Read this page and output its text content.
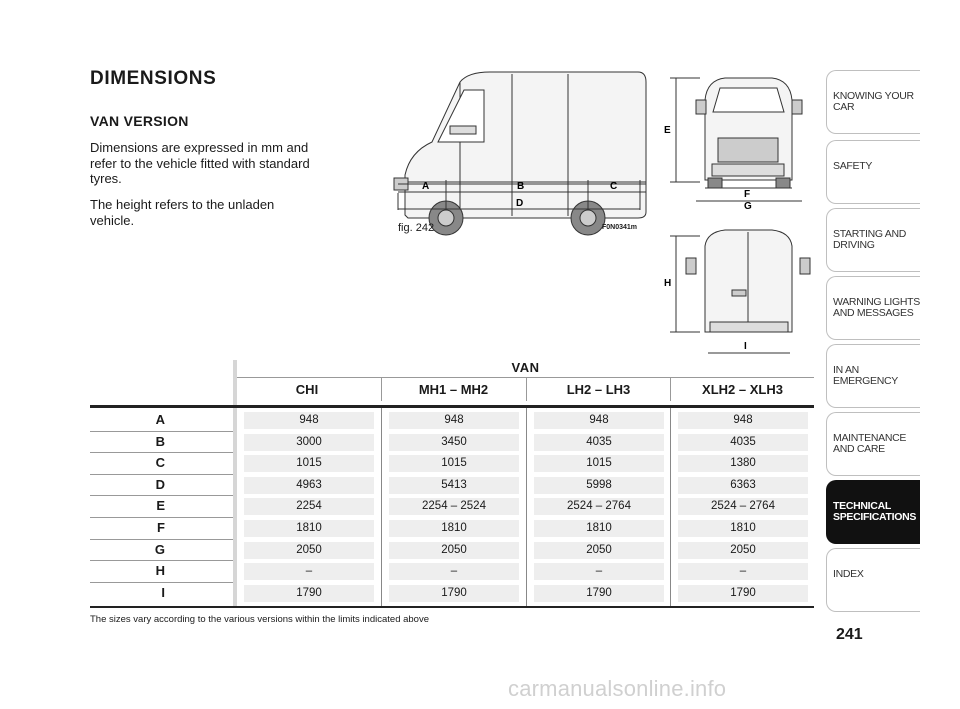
DIMENSIONS
VAN VERSION
Dimensions are expressed in mm and refer to the vehicle fitted with standard tyres.
The height refers to the unladen vehicle.
A	B	C
D
E
F
G
H
I
fig. 242	F0N0341m
VAN
CHI	MH1 – MH2	LH2 – LH3	XLH2 – XLH3
A	948	948	948	948
B	3000	3450	4035	4035
C	1015	1015	1015	1380
D	4963	5413	5998	6363
E	2254	2254 – 2524	2524 – 2764	2524 – 2764
F	1810	1810	1810	1810
G	2050	2050	2050	2050
H	–	–	–	–
I	1790	1790	1790	1790
The sizes vary according to the various versions within the limits indicated above
KNOWING YOUR CAR
SAFETY
STARTING AND DRIVING
WARNING LIGHTS AND MESSAGES
IN AN EMERGENCY
MAINTENANCE AND CARE
TECHNICAL SPECIFICATIONS
INDEX
241
carmanualsonline.info
